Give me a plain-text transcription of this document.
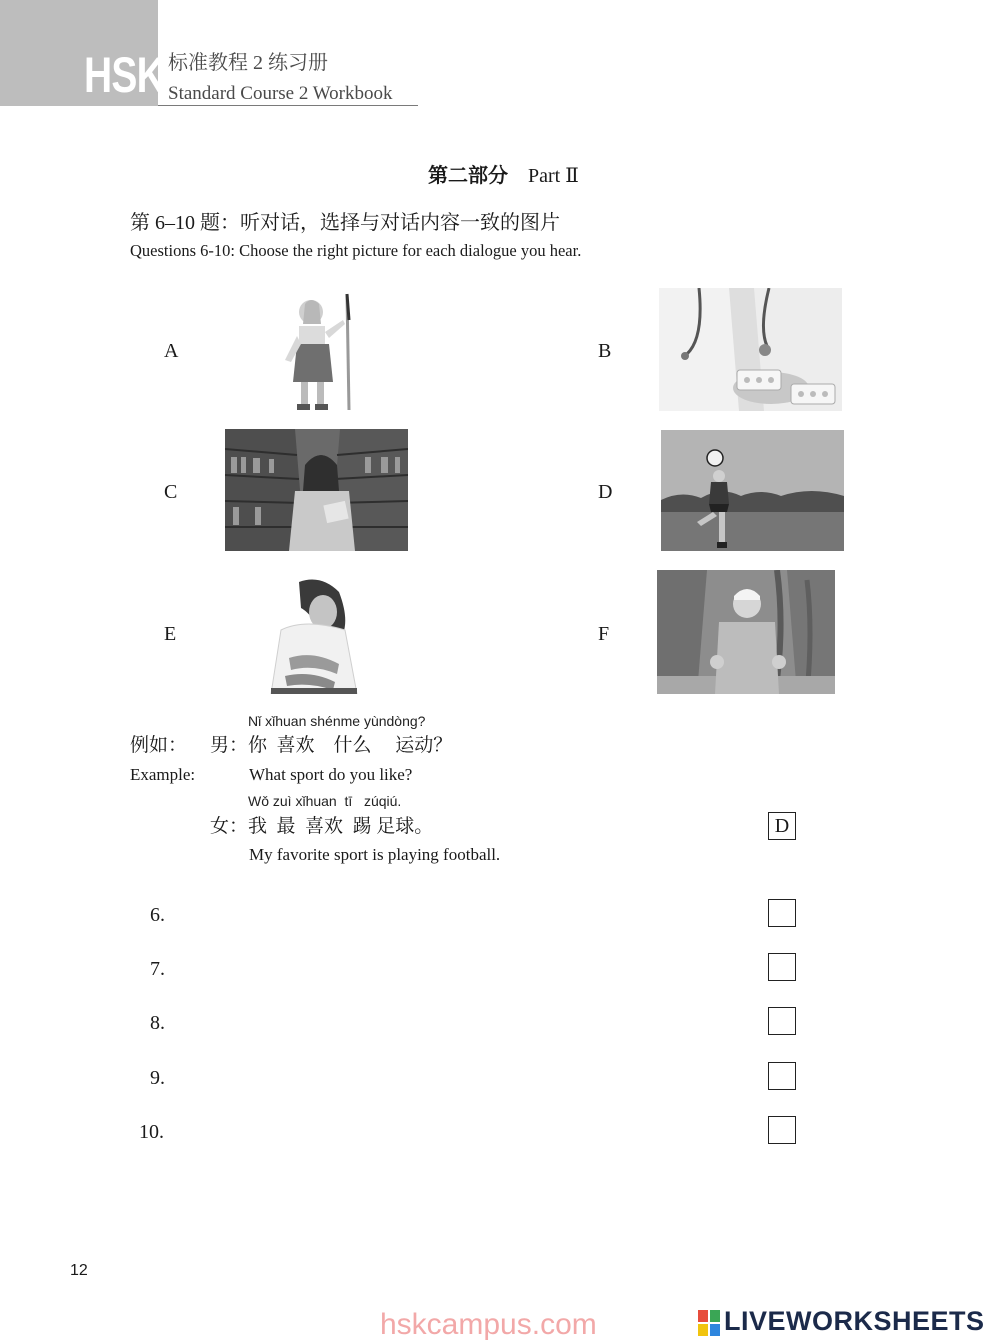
HSK 标准教程 2 练习册
Standard Course 2 Workbook
第二部分 Part Ⅱ
第 6–10 题：听对话，选择与对话内容一致的图片
Questions 6-10: Choose the right picture for each dialogue you hear.
A	B
C	D
E	F
Nǐ xǐhuan shénme yùndòng?
例如： 男： 你  喜欢    什么     运动？
Example:	What sport do you like?
Wǒ zuì xǐhuan  tī   zúqiú.
女： 我  最  喜欢  踢 足球。
My favorite sport is playing football.
D
6.
7.
8.
9.
10.
12
hskcampus.com	LIVEWORKSHEETS
